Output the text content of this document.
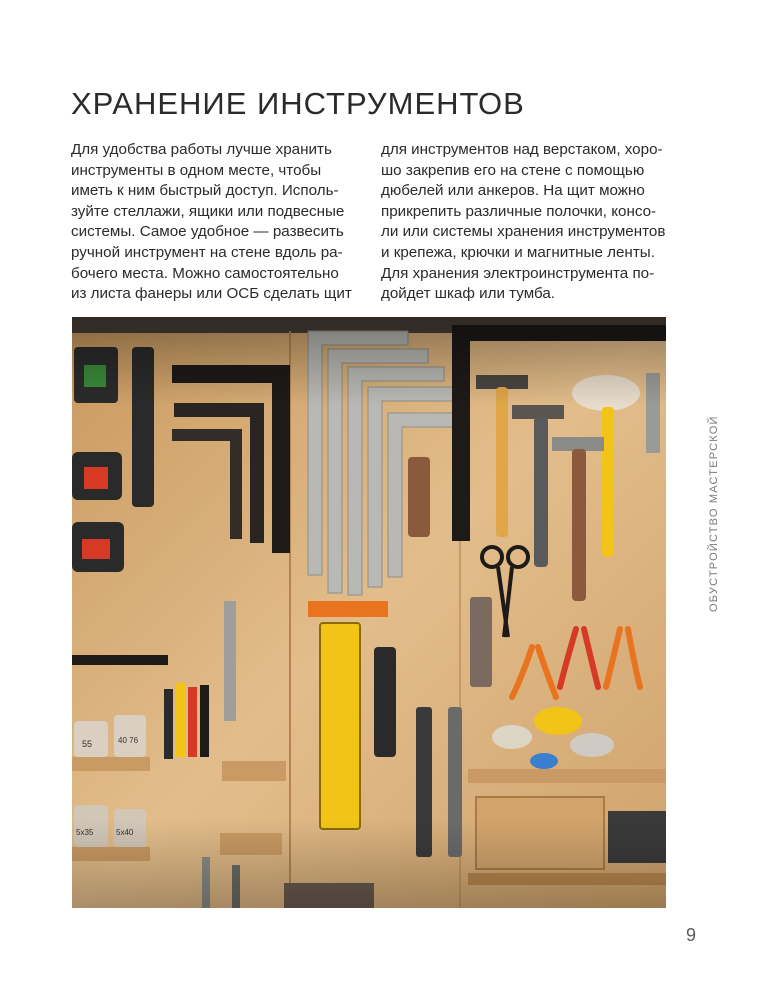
ХРАНЕНИЕ ИНСТРУМЕНТОВ
Для удобства работы лучше хранить
инструменты в одном месте, чтобы
иметь к ним быстрый доступ. Исполь-
зуйте стеллажи, ящики или подвесные
системы. Самое удобное — развесить
ручной инструмент на стене вдоль ра-
бочего места. Можно самостоятельно
из листа фанеры или ОСБ сделать щит
для инструментов над верстаком, хоро-
шо закрепив его на стене с помощью
дюбелей или анкеров. На щит можно
прикрепить различные полочки, консо-
ли или системы хранения инструментов
и крепежа, крючки и магнитные ленты.
Для хранения электроинструмента по-
дойдет шкаф или тумба.
ОБУСТРОЙСТВО МАСТЕРСКОЙ
9
